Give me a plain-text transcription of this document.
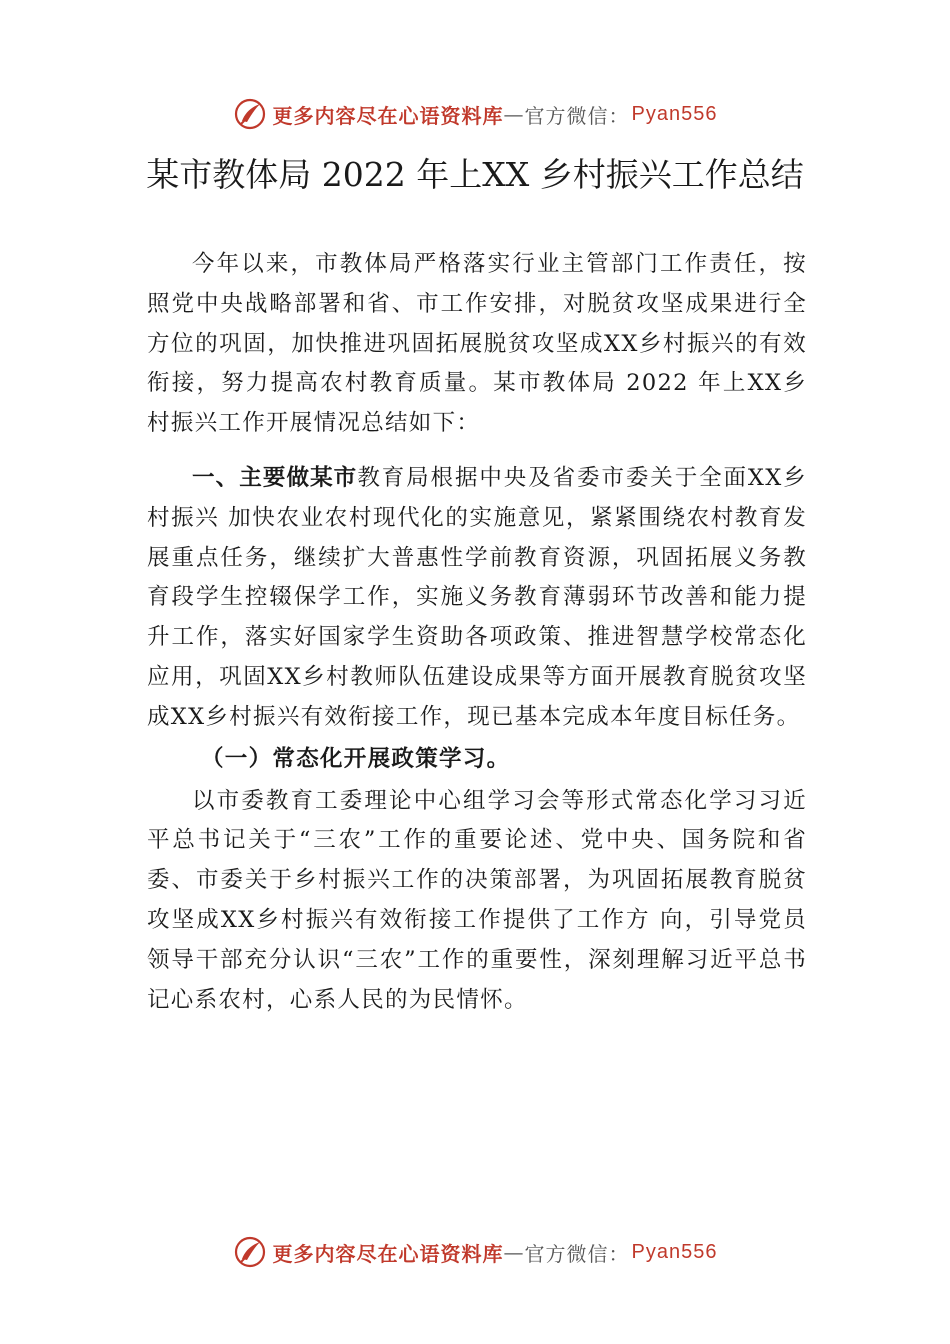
更多内容尽在心语资料库 — 官方微信： Pyan556
某市教体局 2022 年上XX 乡村振兴工作总结

今年以来，市教体局严格落实行业主管部门工作责任，按照党中央战略部署和省、市工作安排，对脱贫攻坚成果进行全方位的巩固，加快推进巩固拓展脱贫攻坚成XX乡村振兴的有效衔接，努力提高农村教育质量。某市教体局 2022 年上XX乡村振兴工作开展情况总结如下：

一、主要做某市教育局根据中央及省委市委关于全面XX乡村振兴 加快农业农村现代化的实施意见，紧紧围绕农村教育发展重点任务，继续扩大普惠性学前教育资源，巩固拓展义务教育段学生控辍保学工作，实施义务教育薄弱环节改善和能力提升工作，落实好国家学生资助各项政策、推进智慧学校常态化应用，巩固XX乡村教师队伍建设成果等方面开展教育脱贫攻坚成XX乡村振兴有效衔接工作，现已基本完成本年度目标任务。

（一）常态化开展政策学习。

以市委教育工委理论中心组学习会等形式常态化学习习近平总书记关于“三农”工作的重要论述、党中央、国务院和省委、市委关于乡村振兴工作的决策部署，为巩固拓展教育脱贫攻坚成XX乡村振兴有效衔接工作提供了工作方 向，引导党员领导干部充分认识“三农”工作的重要性，深刻理解习近平总书记心系农村，心系人民的为民情怀。

更多内容尽在心语资料库 — 官方微信： Pyan556
